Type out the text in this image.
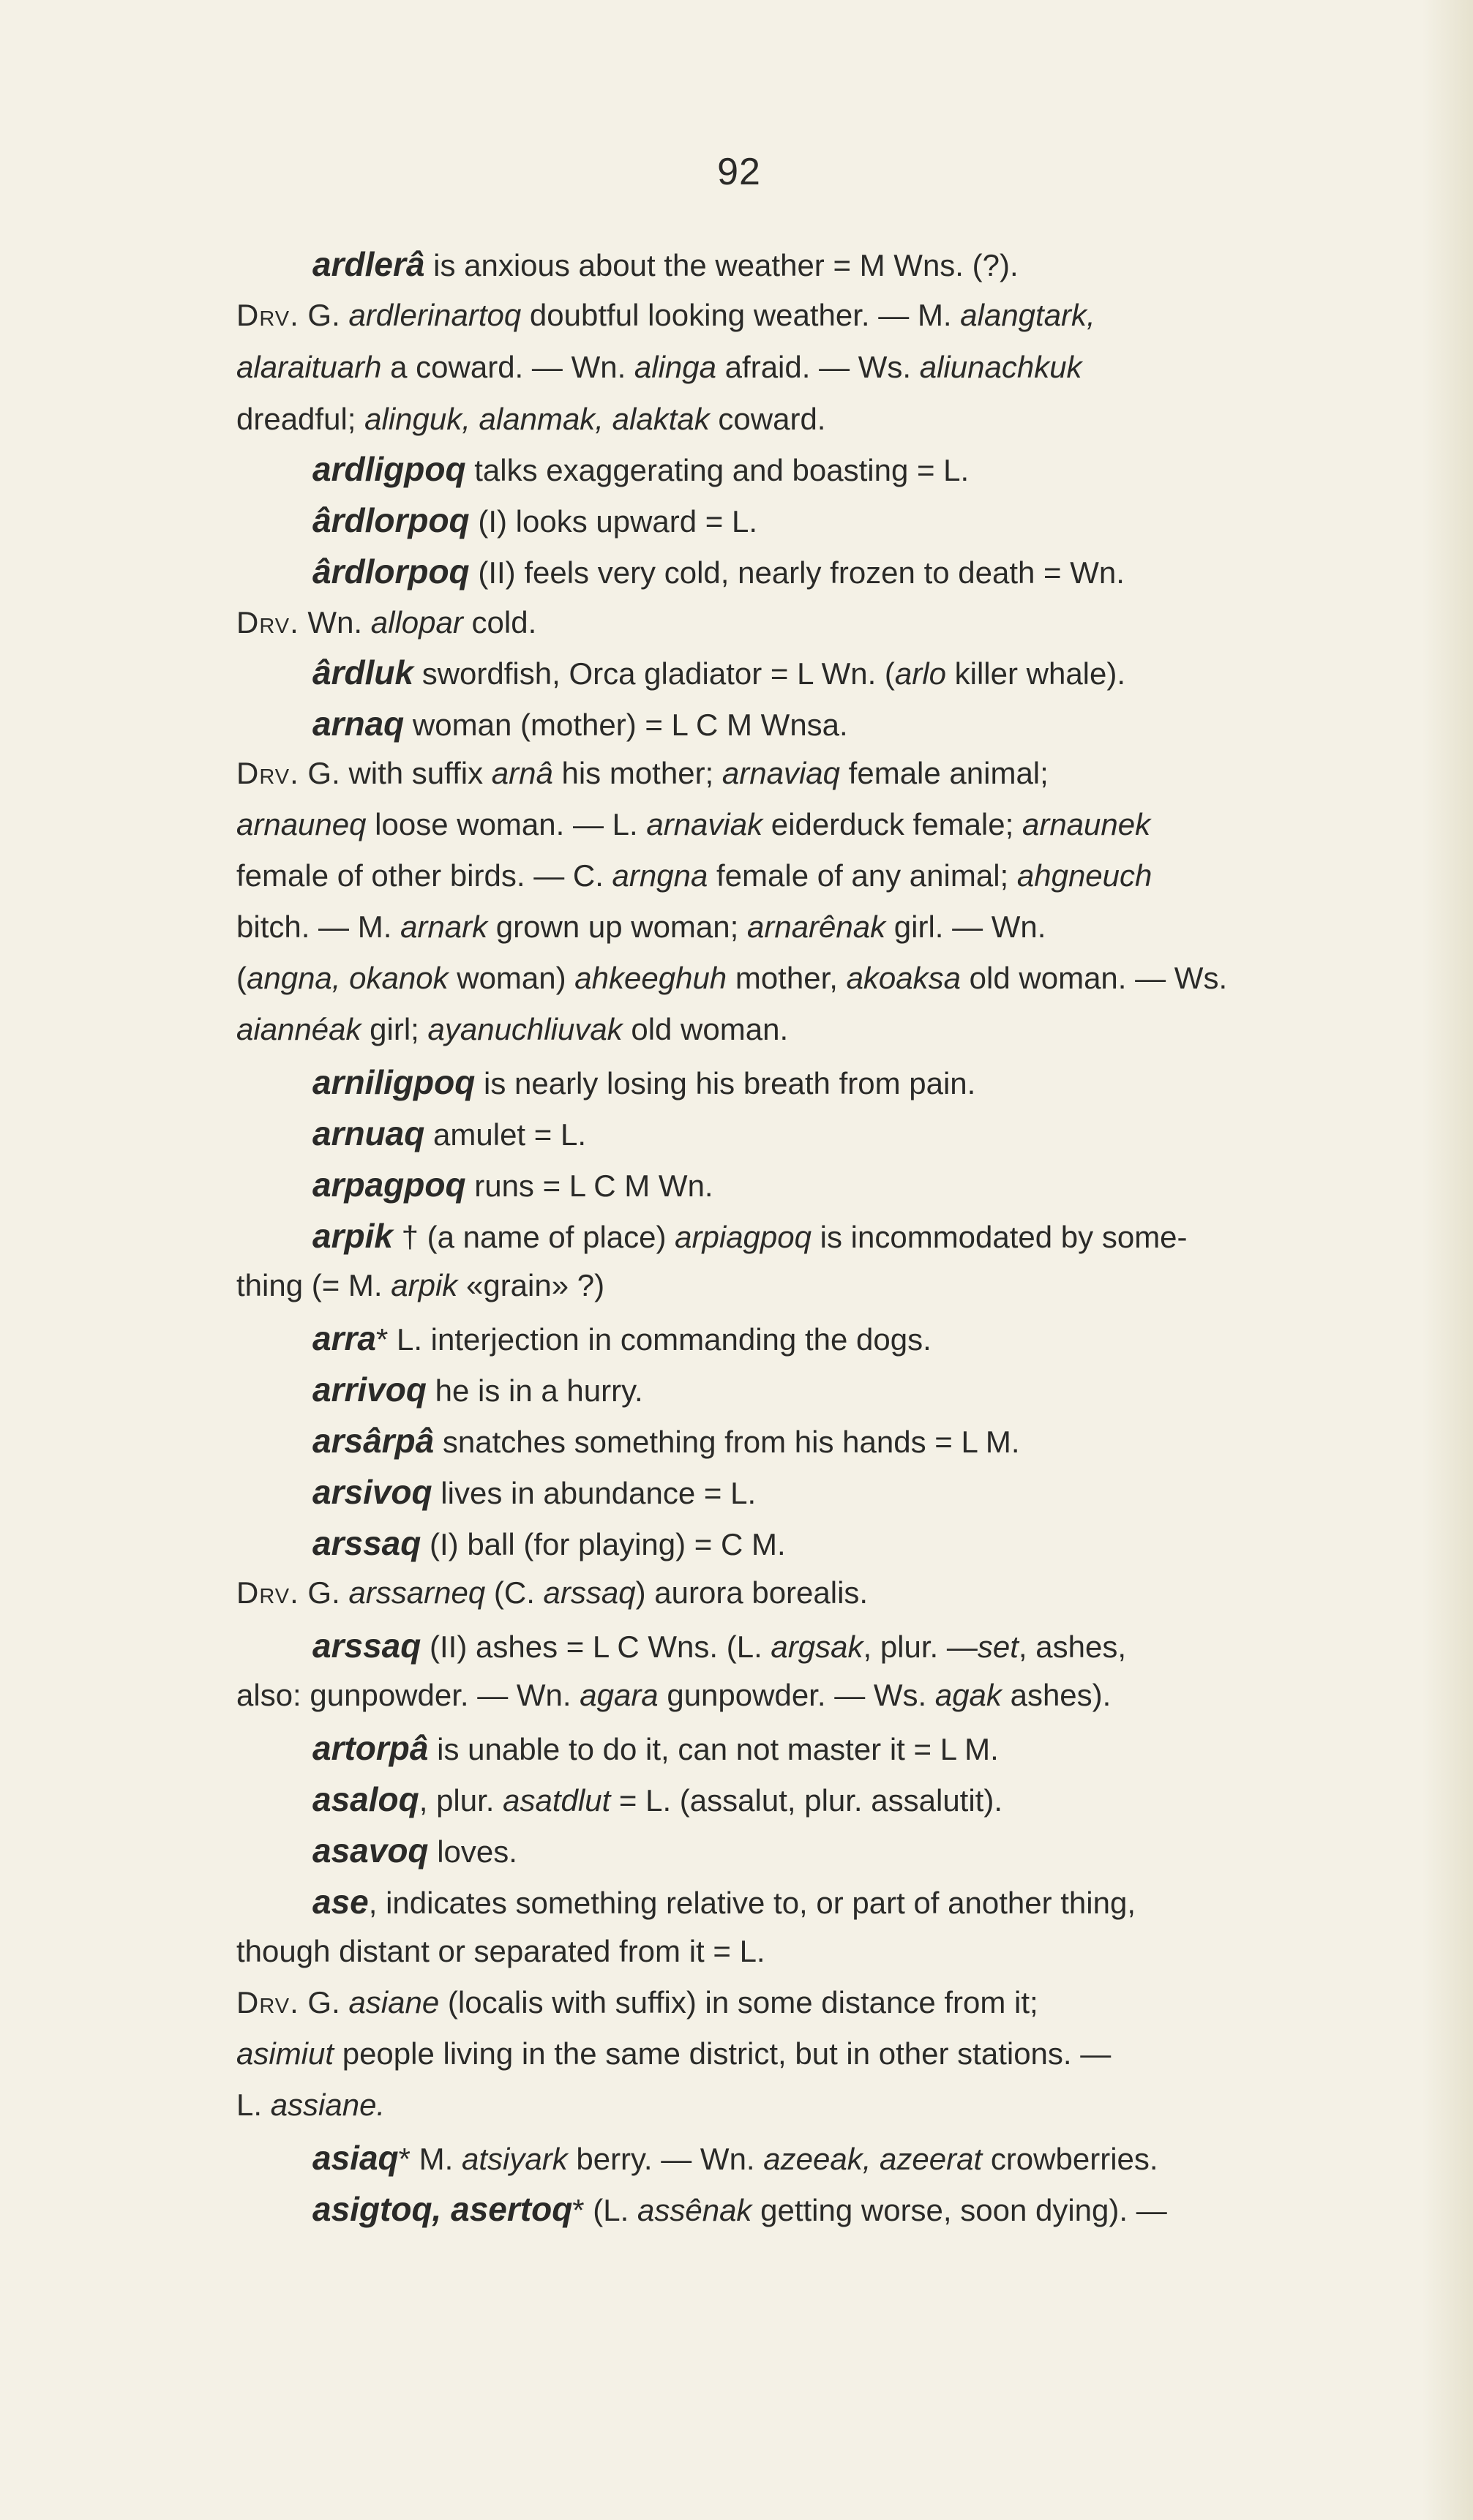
92
ardlerâ is anxious about the weather = M Wns. (?).
Drv. G. ardlerinartoq doubtful looking weather. — M. alangtark,
alaraituarh a coward. — Wn. alinga afraid. — Ws. aliunachkuk
dreadful; alinguk, alanmak, alaktak coward.
ardligpoq talks exaggerating and boasting = L.
ârdlorpoq (I) looks upward = L.
ârdlorpoq (II) feels very cold, nearly frozen to death = Wn.
Drv. Wn. allopar cold.
ârdluk swordfish, Orca gladiator = L Wn. (arlo killer whale).
arnaq woman (mother) = L C M Wnsa.
Drv. G. with suffix arnâ his mother; arnaviaq female animal;
arnauneq loose woman. — L. arnaviak eiderduck female; arnaunek
female of other birds. — C. arngna female of any animal; ahgneuch
bitch. — M. arnark grown up woman; arnarênak girl. — Wn.
(angna, okanok woman) ahkeeghuh mother, akoaksa old woman. — Ws.
aiannéak girl; ayanuchliuvak old woman.
arniligpoq is nearly losing his breath from pain.
arnuaq amulet = L.
arpagpoq runs = L C M Wn.
arpik † (a name of place) arpiagpoq is incommodated by some-
thing (= M. arpik «grain» ?)
arra* L. interjection in commanding the dogs.
arrivoq he is in a hurry.
arsârpâ snatches something from his hands = L M.
arsivoq lives in abundance = L.
arssaq (I) ball (for playing) = C M.
Drv. G. arssarneq (C. arssaq) aurora borealis.
arssaq (II) ashes = L C Wns. (L. argsak, plur. —set, ashes,
also: gunpowder. — Wn. agara gunpowder. — Ws. agak ashes).
artorpâ is unable to do it, can not master it = L M.
asaloq, plur. asatdlut = L. (assalut, plur. assalutit).
asavoq loves.
ase, indicates something relative to, or part of another thing,
though distant or separated from it = L.
Drv. G. asiane (localis with suffix) in some distance from it;
asimiut people living in the same district, but in other stations. —
L. assiane.
asiaq* M. atsiyark berry. — Wn. azeeak, azeerat crowberries.
asigtoq, asertoq* (L. assênak getting worse, soon dying). —
